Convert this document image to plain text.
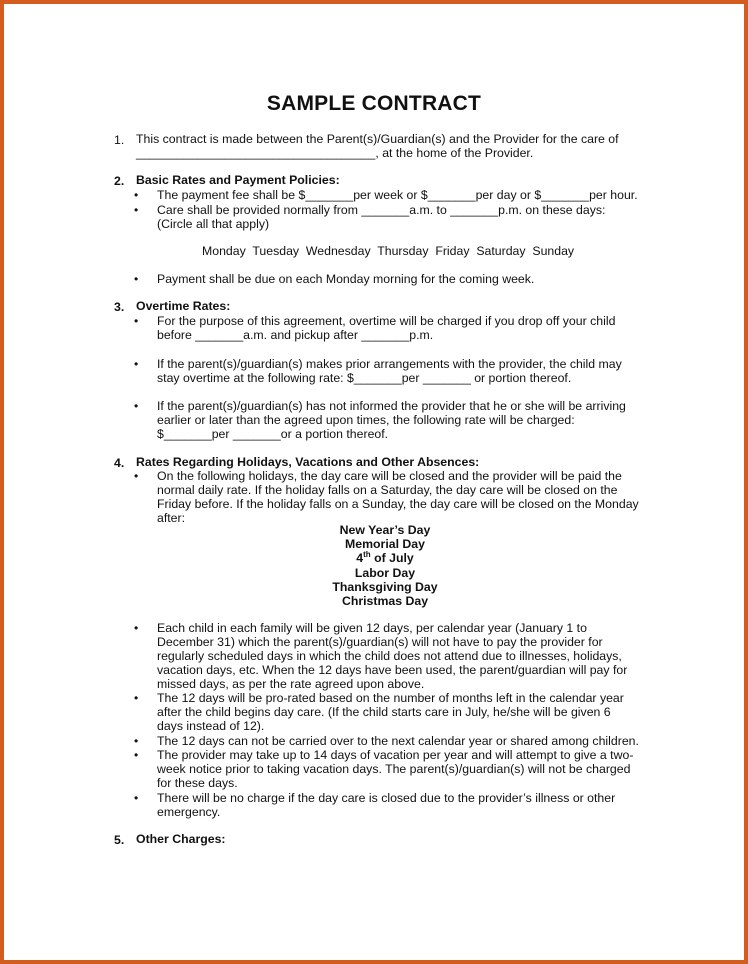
SAMPLE CONTRACT
1. This contract is made between the Parent(s)/Guardian(s) and the Provider for the care of
___________________________________, at the home of the Provider.
2. Basic Rates and Payment Policies:
• The payment fee shall be $_______per week or $_______per day or $_______per hour.
• Care shall be provided normally from _______a.m. to _______p.m. on these days:
(Circle all that apply)
Monday  Tuesday  Wednesday  Thursday  Friday  Saturday  Sunday
• Payment shall be due on each Monday morning for the coming week.
3. Overtime Rates:
• For the purpose of this agreement, overtime will be charged if you drop off your child
before _______a.m. and pickup after _______p.m.
• If the parent(s)/guardian(s) makes prior arrangements with the provider, the child may
stay overtime at the following rate: $_______per _______ or portion thereof.
• If the parent(s)/guardian(s) has not informed the provider that he or she will be arriving
earlier or later than the agreed upon times, the following rate will be charged:
$_______per _______or a portion thereof.
4. Rates Regarding Holidays, Vacations and Other Absences:
• On the following holidays, the day care will be closed and the provider will be paid the
normal daily rate. If the holiday falls on a Saturday, the day care will be closed on the
Friday before. If the holiday falls on a Sunday, the day care will be closed on the Monday
after:
New Year’s Day
Memorial Day
4th of July
Labor Day
Thanksgiving Day
Christmas Day
• Each child in each family will be given 12 days, per calendar year (January 1 to
December 31) which the parent(s)/guardian(s) will not have to pay the provider for
regularly scheduled days in which the child does not attend due to illnesses, holidays,
vacation days, etc. When the 12 days have been used, the parent/guardian will pay for
missed days, as per the rate agreed upon above.
• The 12 days will be pro-rated based on the number of months left in the calendar year
after the child begins day care. (If the child starts care in July, he/she will be given 6
days instead of 12).
• The 12 days can not be carried over to the next calendar year or shared among children.
• The provider may take up to 14 days of vacation per year and will attempt to give a two-
week notice prior to taking vacation days. The parent(s)/guardian(s) will not be charged
for these days.
• There will be no charge if the day care is closed due to the provider’s illness or other
emergency.
5. Other Charges:
